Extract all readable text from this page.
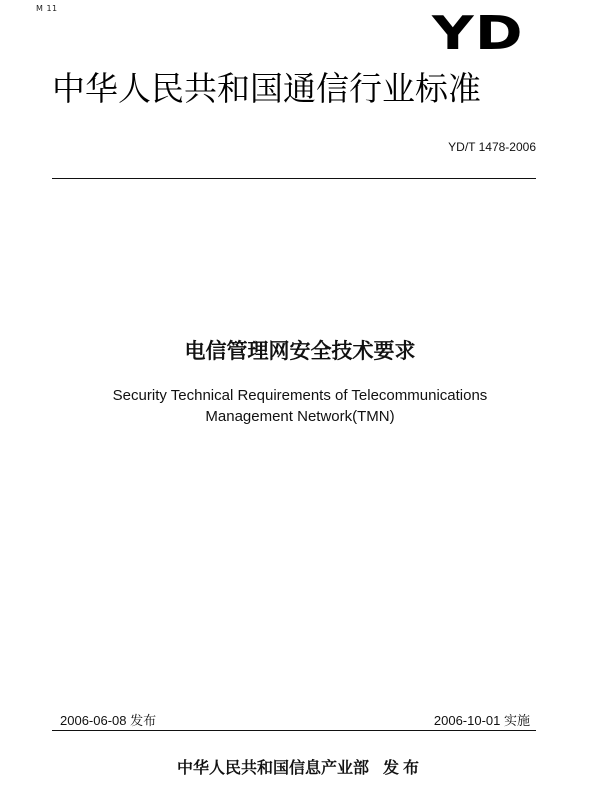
M 11	YD
中华人民共和国通信行业标准
YD/T 1478-2006
电信管理网安全技术要求
Security Technical Requirements of Telecommunications
Management Network(TMN)
2006-06-08 发布	2006-10-01 实施
中华人民共和国信息产业部 发布
